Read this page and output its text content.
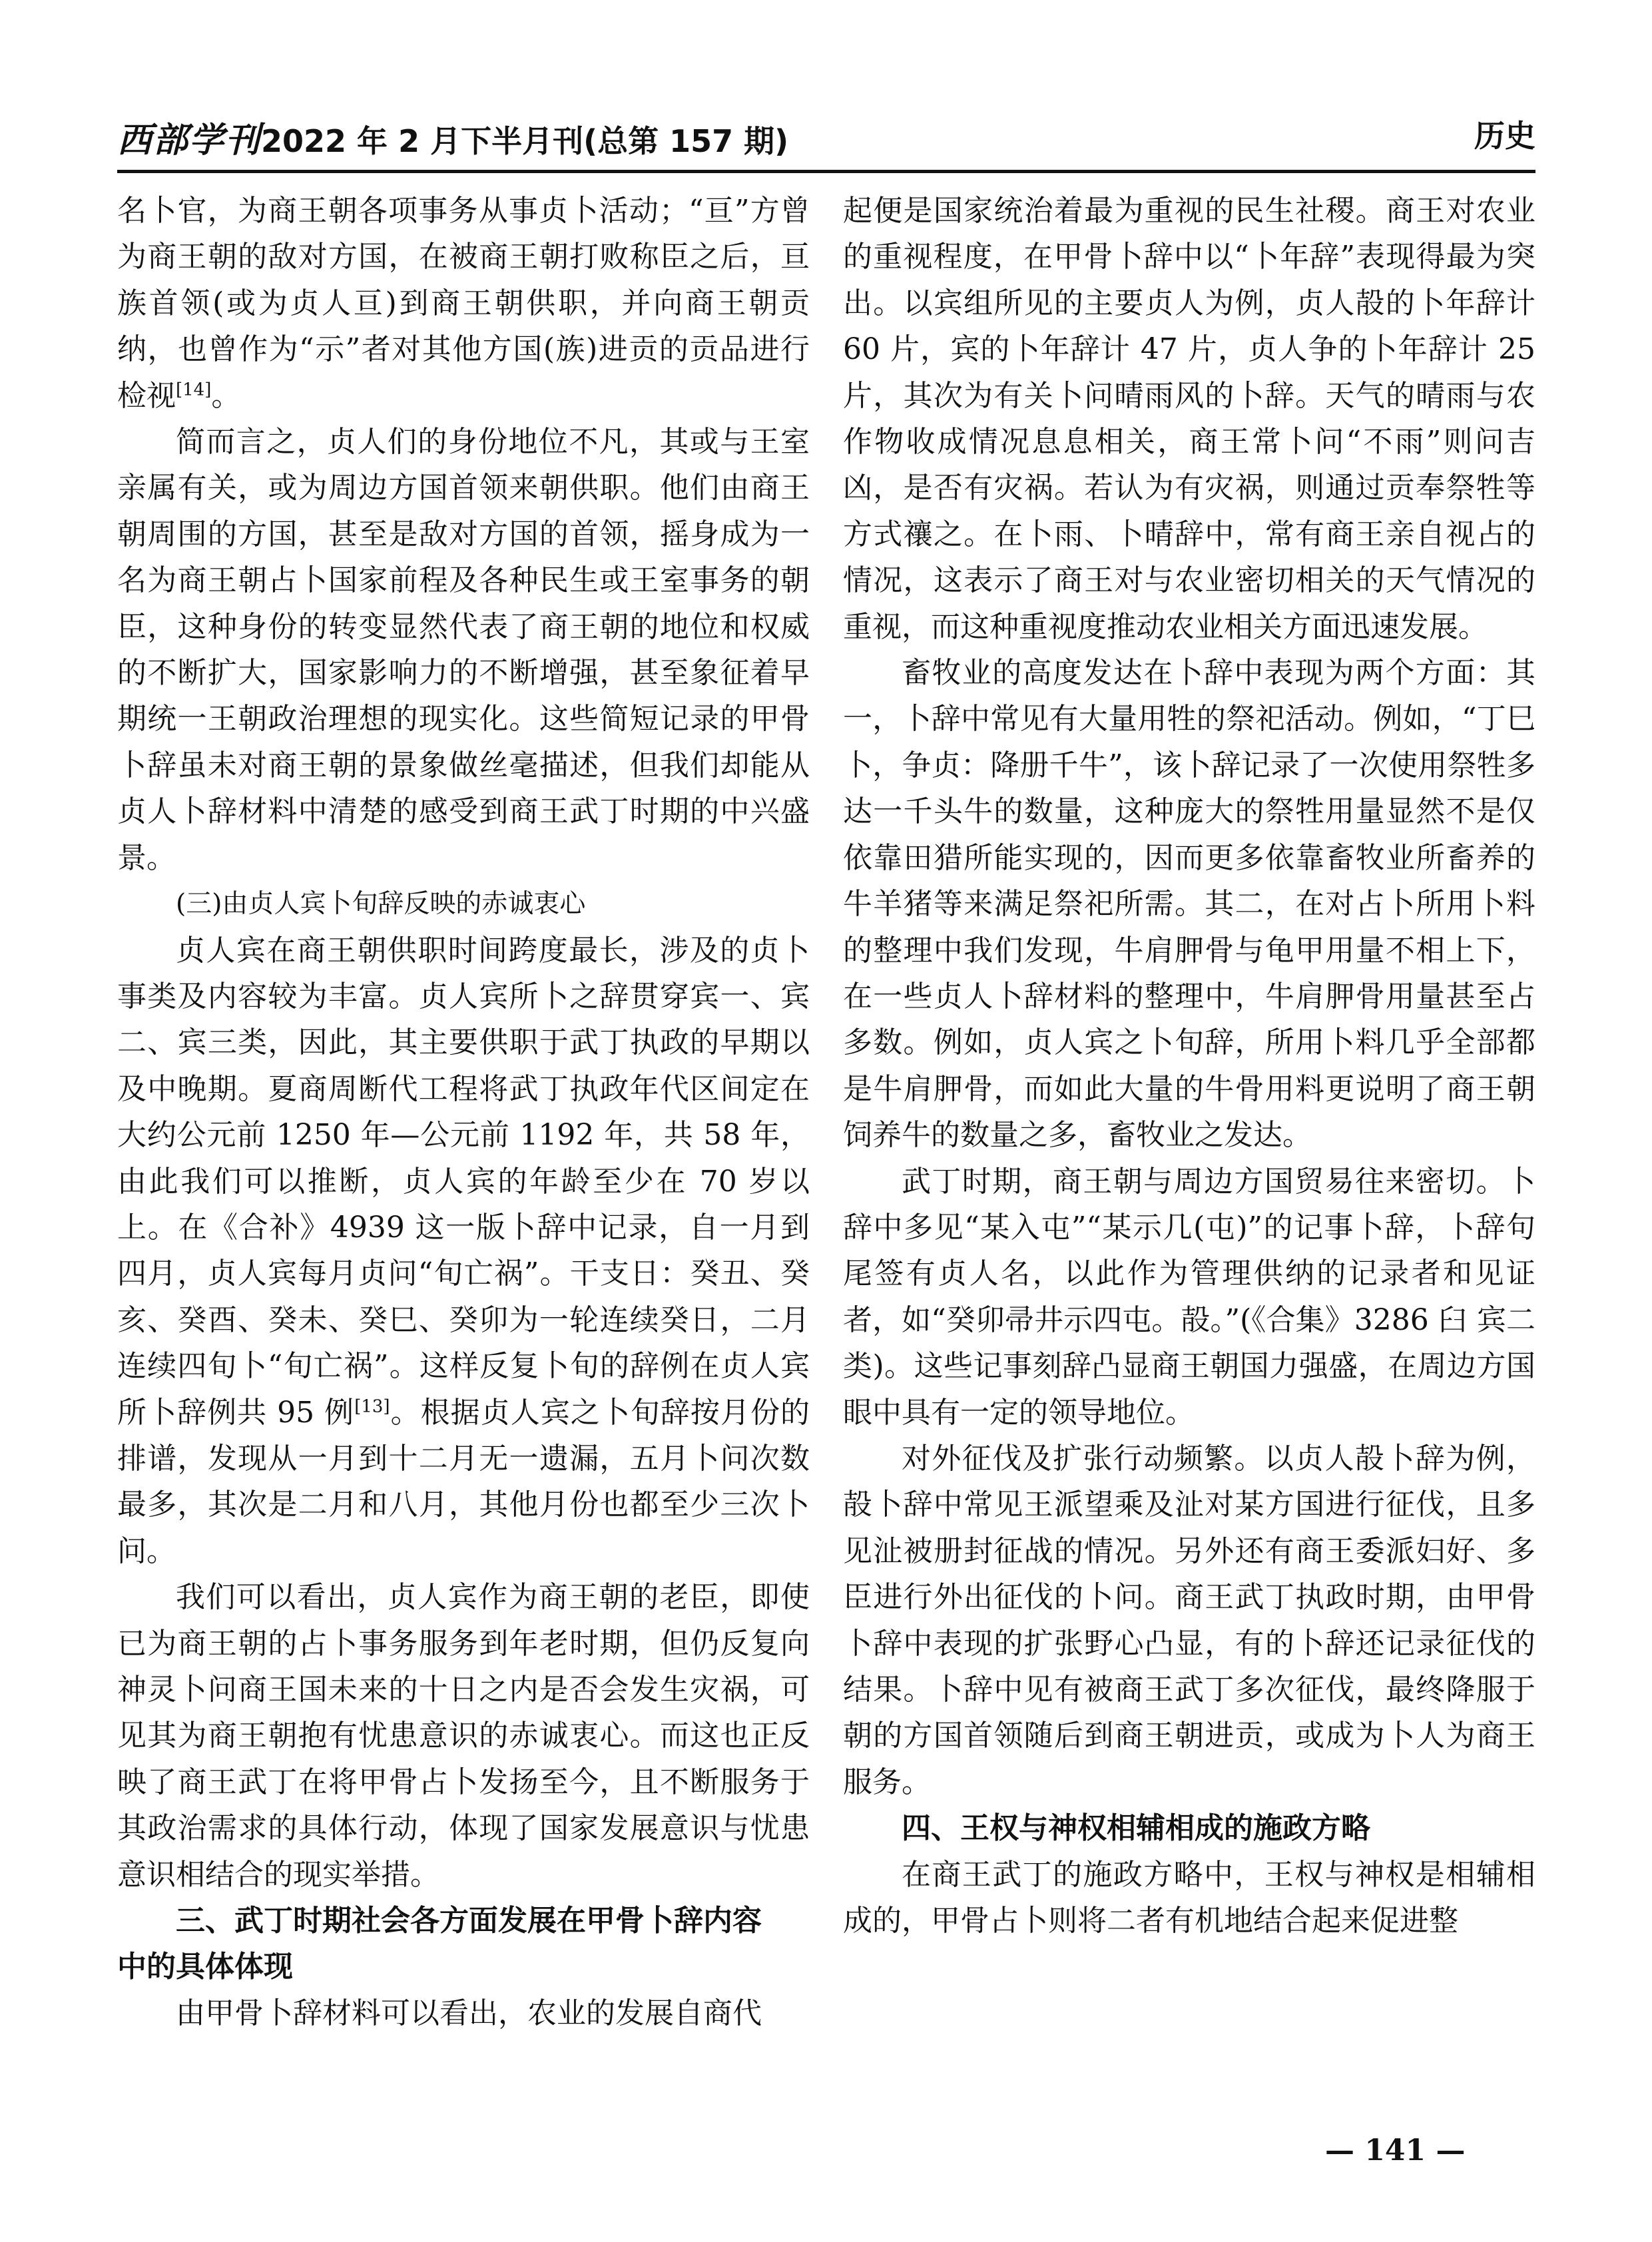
西部学刊2022 年 2 月下半月刊(总第 157 期)	历史

名卜官，为商王朝各项事务从事贞卜活动；“亘”方曾为商王朝的敌对方国，在被商王朝打败称臣之后，亘族首领(或为贞人亘)到商王朝供职，并向商王朝贡纳，也曾作为“示”者对其他方国(族)进贡的贡品进行检视[14]。

简而言之，贞人们的身份地位不凡，其或与王室亲属有关，或为周边方国首领来朝供职。他们由商王朝周围的方国，甚至是敌对方国的首领，摇身成为一名为商王朝占卜国家前程及各种民生或王室事务的朝臣，这种身份的转变显然代表了商王朝的地位和权威的不断扩大，国家影响力的不断增强，甚至象征着早期统一王朝政治理想的现实化。这些简短记录的甲骨卜辞虽未对商王朝的景象做丝毫描述，但我们却能从贞人卜辞材料中清楚的感受到商王武丁时期的中兴盛景。

(三)由贞人宾卜旬辞反映的赤诚衷心

贞人宾在商王朝供职时间跨度最长，涉及的贞卜事类及内容较为丰富。贞人宾所卜之辞贯穿宾一、宾二、宾三类，因此，其主要供职于武丁执政的早期以及中晚期。夏商周断代工程将武丁执政年代区间定在大约公元前 1250 年—公元前 1192 年，共 58 年，由此我们可以推断，贞人宾的年龄至少在 70 岁以上。在《合补》4939 这一版卜辞中记录，自一月到四月，贞人宾每月贞问“旬亡祸”。干支日：癸丑、癸亥、癸酉、癸未、癸巳、癸卯为一轮连续癸日，二月连续四旬卜“旬亡祸”。这样反复卜旬的辞例在贞人宾所卜辞例共 95 例[13]。根据贞人宾之卜旬辞按月份的排谱，发现从一月到十二月无一遗漏，五月卜问次数最多，其次是二月和八月，其他月份也都至少三次卜问。

我们可以看出，贞人宾作为商王朝的老臣，即使已为商王朝的占卜事务服务到年老时期，但仍反复向神灵卜问商王国未来的十日之内是否会发生灾祸，可见其为商王朝抱有忧患意识的赤诚衷心。而这也正反映了商王武丁在将甲骨占卜发扬至今，且不断服务于其政治需求的具体行动，体现了国家发展意识与忧患意识相结合的现实举措。

三、武丁时期社会各方面发展在甲骨卜辞内容

中的具体体现

由甲骨卜辞材料可以看出，农业的发展自商代

起便是国家统治着最为重视的民生社稷。商王对农业的重视程度，在甲骨卜辞中以“卜年辞”表现得最为突出。以宾组所见的主要贞人为例，贞人㱿的卜年辞计 60 片，宾的卜年辞计 47 片，贞人争的卜年辞计 25 片，其次为有关卜问晴雨风的卜辞。天气的晴雨与农作物收成情况息息相关，商王常卜问“不雨”则问吉凶，是否有灾祸。若认为有灾祸，则通过贡奉祭牲等方式禳之。在卜雨、卜晴辞中，常有商王亲自视占的情况，这表示了商王对与农业密切相关的天气情况的重视，而这种重视度推动农业相关方面迅速发展。

畜牧业的高度发达在卜辞中表现为两个方面：其一，卜辞中常见有大量用牲的祭祀活动。例如，“丁巳卜，争贞：降册千牛”，该卜辞记录了一次使用祭牲多达一千头牛的数量，这种庞大的祭牲用量显然不是仅依靠田猎所能实现的，因而更多依靠畜牧业所畜养的牛羊猪等来满足祭祀所需。其二，在对占卜所用卜料的整理中我们发现，牛肩胛骨与龟甲用量不相上下，在一些贞人卜辞材料的整理中，牛肩胛骨用量甚至占多数。例如，贞人宾之卜旬辞，所用卜料几乎全部都是牛肩胛骨，而如此大量的牛骨用料更说明了商王朝饲养牛的数量之多，畜牧业之发达。

武丁时期，商王朝与周边方国贸易往来密切。卜辞中多见“某入屯”“某示几(屯)”的记事卜辞，卜辞句尾签有贞人名，以此作为管理供纳的记录者和见证者，如“癸卯帚井示四屯。㱿。”(《合集》3286 臼 宾二类)。这些记事刻辞凸显商王朝国力强盛，在周边方国眼中具有一定的领导地位。

对外征伐及扩张行动频繁。以贞人㱿卜辞为例，㱿卜辞中常见王派望乘及沚对某方国进行征伐，且多见沚被册封征战的情况。另外还有商王委派妇好、多臣进行外出征伐的卜问。商王武丁执政时期，由甲骨卜辞中表现的扩张野心凸显，有的卜辞还记录征伐的结果。卜辞中见有被商王武丁多次征伐，最终降服于朝的方国首领随后到商王朝进贡，或成为卜人为商王服务。

四、王权与神权相辅相成的施政方略

在商王武丁的施政方略中，王权与神权是相辅相成的，甲骨占卜则将二者有机地结合起来促进整

— 141 —
